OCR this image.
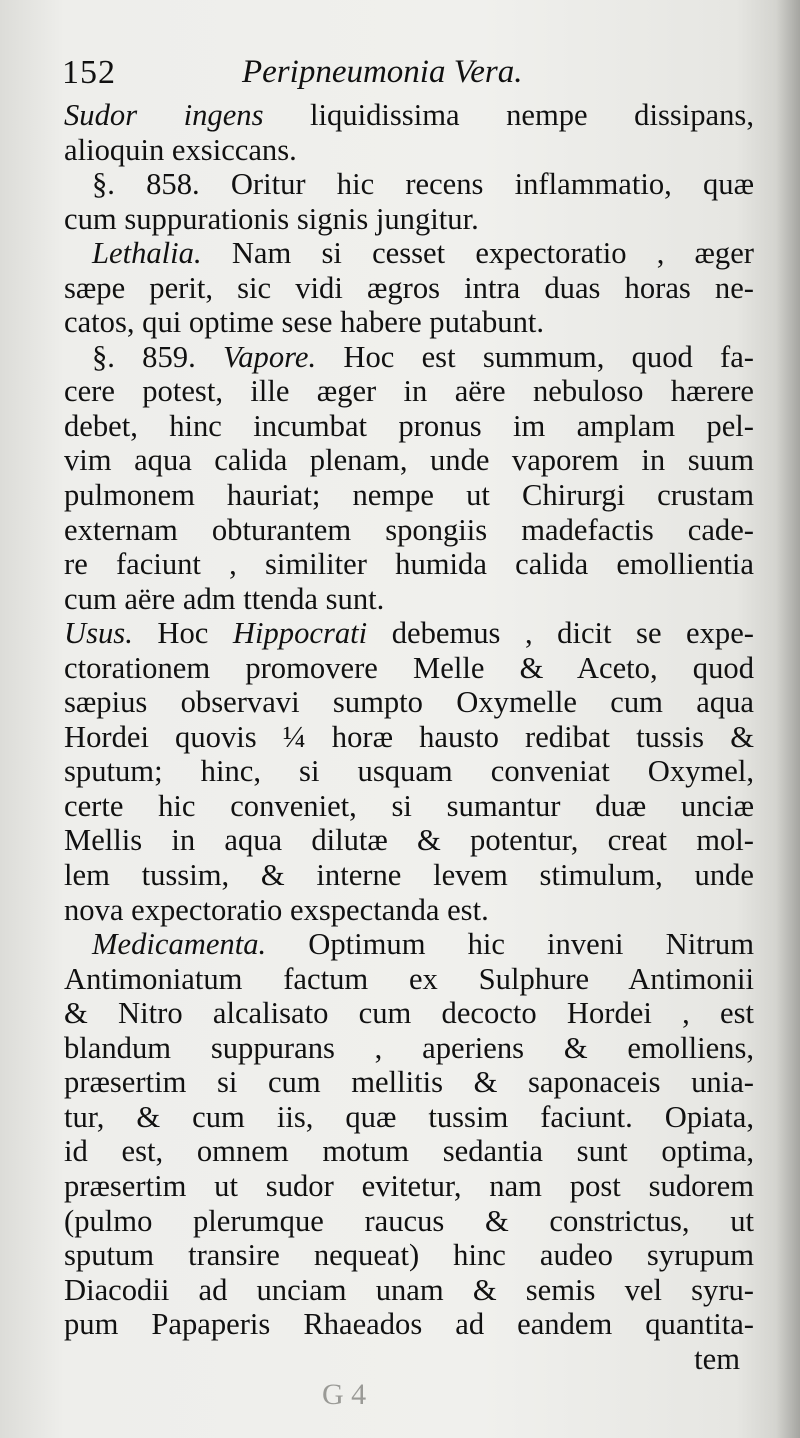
152	Peripneumonia Vera.
Sudor ingens liquidissima nempe dissipans,
alioquin exsiccans.
§. 858. Oritur hic recens inflammatio, quæ
cum suppurationis signis jungitur.
Lethalia. Nam si cesset expectoratio , æger
sæpe perit, sic vidi ægros intra duas horas ne-
catos, qui optime sese habere putabunt.
§. 859. Vapore. Hoc est summum, quod fa-
cere potest, ille æger in aëre nebuloso hærere
debet, hinc incumbat pronus im amplam pel-
vim aqua calida plenam, unde vaporem in suum
pulmonem hauriat; nempe ut Chirurgi crustam
externam obturantem spongiis madefactis cade-
re faciunt , similiter humida calida emollientia
cum aëre adm ttenda sunt.
Usus. Hoc Hippocrati debemus , dicit se expe-
ctorationem promovere Melle & Aceto, quod
sæpius observavi sumpto Oxymelle cum aqua
Hordei quovis ¼ horæ hausto redibat tussis &
sputum; hinc, si usquam conveniat Oxymel,
certe hic conveniet, si sumantur duæ unciæ
Mellis in aqua dilutæ & potentur, creat mol-
lem tussim, & interne levem stimulum, unde
nova expectoratio exspectanda est.
Medicamenta. Optimum hic inveni Nitrum
Antimoniatum factum ex Sulphure Antimonii
& Nitro alcalisato cum decocto Hordei , est
blandum suppurans , aperiens & emolliens,
præsertim si cum mellitis & saponaceis unia-
tur, & cum iis, quæ tussim faciunt. Opiata,
id est, omnem motum sedantia sunt optima,
præsertim ut sudor evitetur, nam post sudorem
(pulmo plerumque raucus & constrictus, ut
sputum transire nequeat) hinc audeo syrupum
Diacodii ad unciam unam & semis vel syru-
pum Papaperis Rhaeados ad eandem quantita-
tem
G 4
